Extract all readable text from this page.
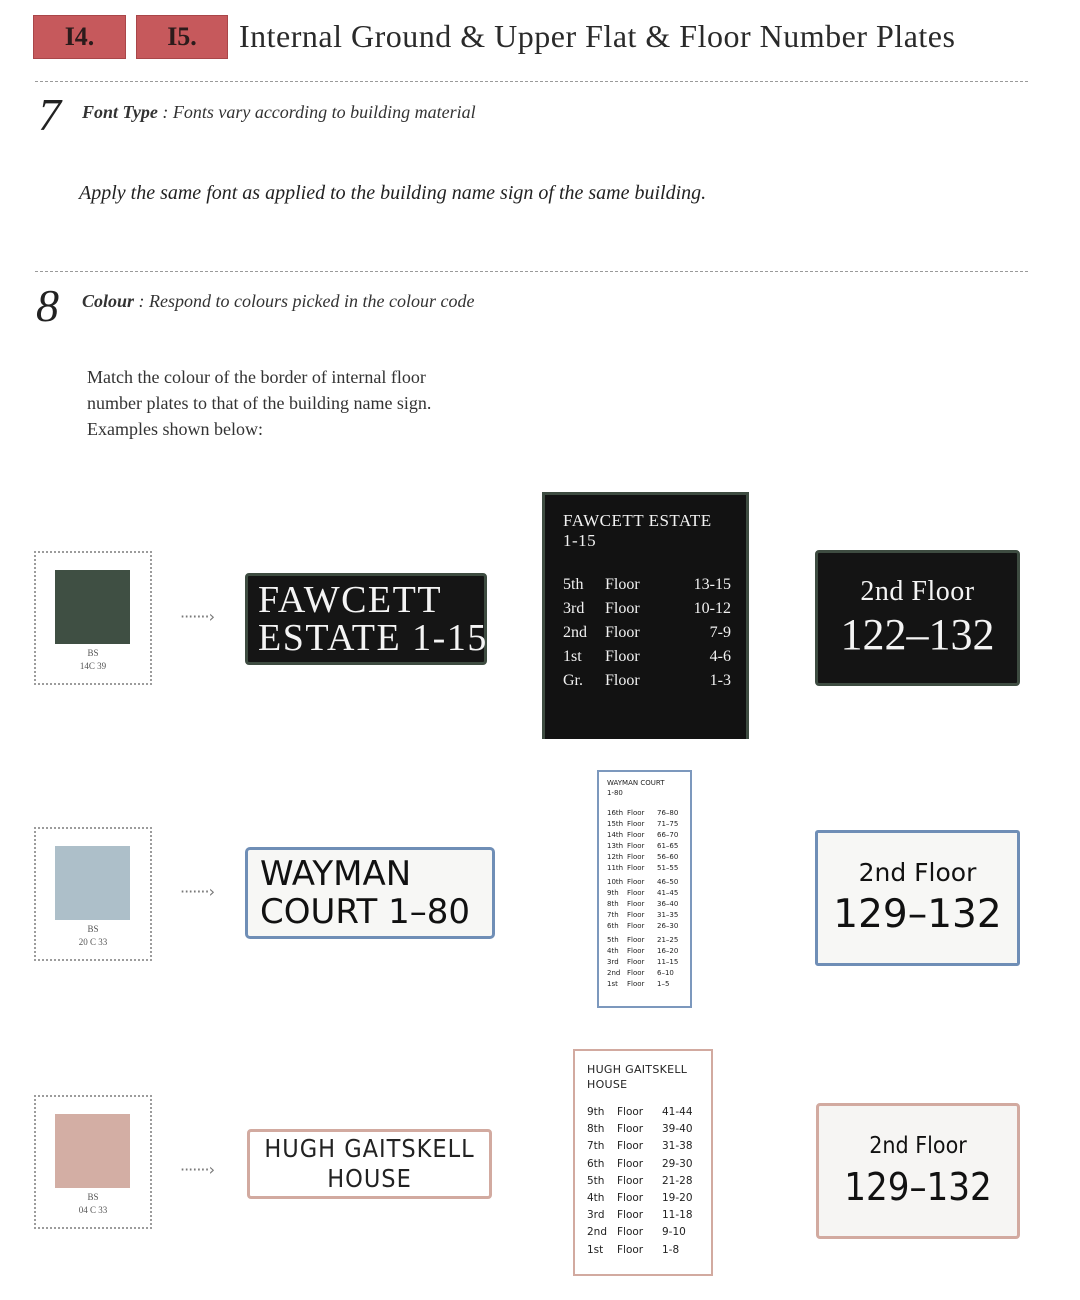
I4.	I5.	Internal Ground & Upper Flat & Floor Number Plates
7 Font Type : Fonts vary according to building material
Apply the same font as applied to the building name sign of the same building.
8 Colour : Respond to colours picked in the colour code
Match the colour of the border of internal floor
number plates to that of the building name sign.
Examples shown below:
BS
14C 39
·······› FAWCETT
ESTATE 1-15
FAWCETT ESTATE
1-15
5th	Floor	13-15
3rd	Floor	10-12
2nd	Floor	7-9
1st	Floor	4-6
Gr.	Floor	1-3
2nd Floor
122–132
BS
20 C 33
·······› WAYMAN
COURT 1–80
WAYMAN COURT
1-80
16th Floor	76–80
15th Floor	71–75
14th Floor	66–70
13th Floor	61–65
12th Floor	56–60
11th Floor	51–55
10th Floor	46–50
9th	Floor	41–45
8th	Floor	36–40
7th	Floor	31–35
6th	Floor	26–30
5th	Floor	21–25
4th	Floor	16–20
3rd	Floor	11–15
2nd Floor	6–10
1st	Floor	1–5
2nd Floor
129–132
BS
04 C 33
·······›
HUGH GAITSKELL
HOUSE
HUGH GAITSKELL
HOUSE
9th	Floor	41-44
8th	Floor	39-40
7th	Floor	31-38
6th	Floor	29-30
5th	Floor	21-28
4th	Floor	19-20
3rd	Floor	11-18
2nd Floor	9-10
1st	Floor	1-8
2nd Floor
129–132
